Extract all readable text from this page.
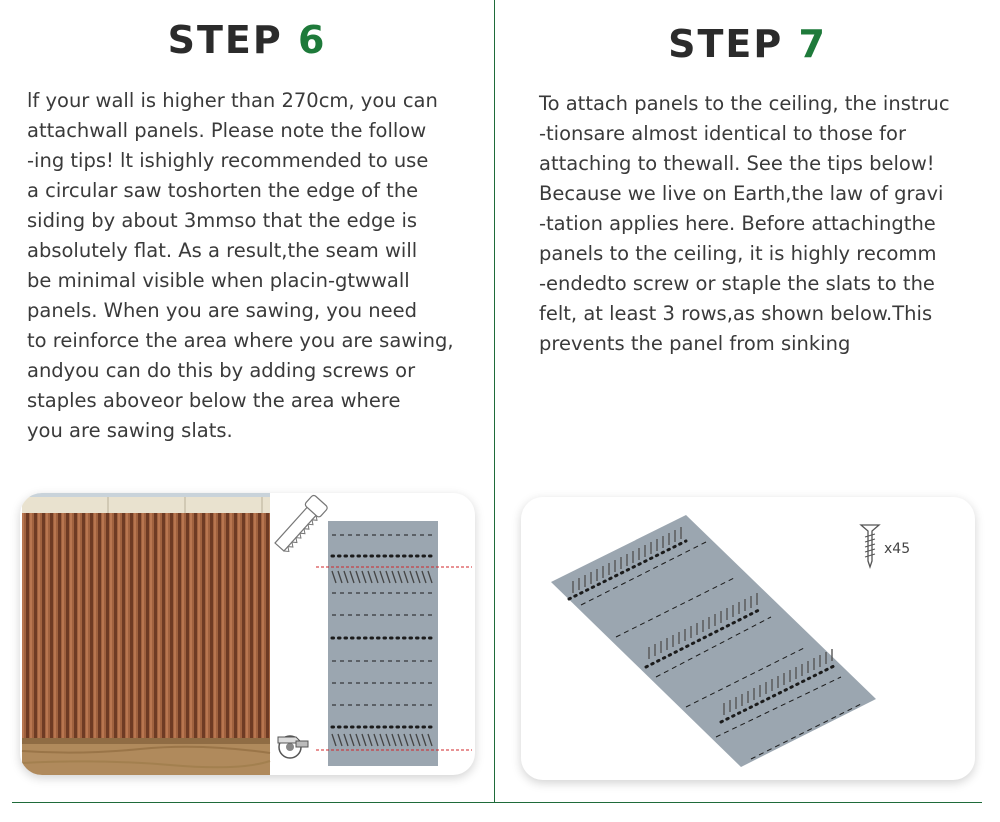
STEP 6
lf your wall is higher than 270cm, you can
attachwall panels. Please note the follow
-ing tips! lt ishighly recommended to use
a circular saw toshorten the edge of the
siding by about 3mmso that the edge is
absolutely flat. As a result,the seam will
be minimal visible when placin-gtwwall
panels. When you are sawing, you need
to reinforce the area where you are sawing,
andyou can do this by adding screws or
staples aboveor below the area where
you are sawing slats.
STEP 7
To attach panels to the ceiling, the instruc
-tionsare almost identical to those for
attaching to thewall. See the tips below!
Because we live on Earth,the law of gravi
-tation applies here. Before attachingthe
panels to the ceiling, it is highly recomm
-endedto screw or staple the slats to the
felt, at least 3 rows,as shown below.This
prevents the panel from sinking
x45
